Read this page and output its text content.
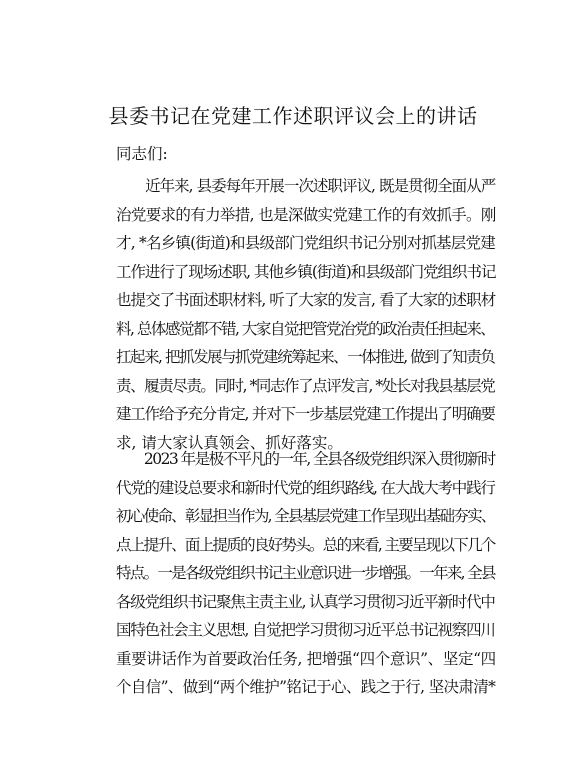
县委书记在党建工作述职评议会上的讲话
同志们:
　　近年来, 县委每年开展一次述职评议, 既是贯彻全面从严
治党要求的有力举措, 也是深做实党建工作的有效抓手。刚
才, *名乡镇(街道)和县级部门党组织书记分别对抓基层党建
工作进行了现场述职, 其他乡镇(街道)和县级部门党组织书记
也提交了书面述职材料, 听了大家的发言, 看了大家的述职材
料, 总体感觉都不错, 大家自觉把管党治党的政治责任担起来、
扛起来, 把抓发展与抓党建统筹起来、一体推进, 做到了知责负
责、履责尽责。同时, *同志作了点评发言, *处长对我县基层党
建工作给予充分肯定, 并对下一步基层党建工作提出了明确要
求, 请大家认真领会、抓好落实。
　　2023 年是极不平凡的一年, 全县各级党组织深入贯彻新时
代党的建设总要求和新时代党的组织路线, 在大战大考中践行
初心使命、彰显担当作为, 全县基层党建工作呈现出基础夯实、
点上提升、面上提质的良好势头。总的来看, 主要呈现以下几个
特点。一是各级党组织书记主业意识进一步增强。一年来, 全县
各级党组织书记聚焦主责主业, 认真学习贯彻习近平新时代中
国特色社会主义思想, 自觉把学习贯彻习近平总书记视察四川
重要讲话作为首要政治任务, 把增强“四个意识”、坚定“四
个自信”、做到“两个维护”铭记于心、践之于行, 坚决肃清*
